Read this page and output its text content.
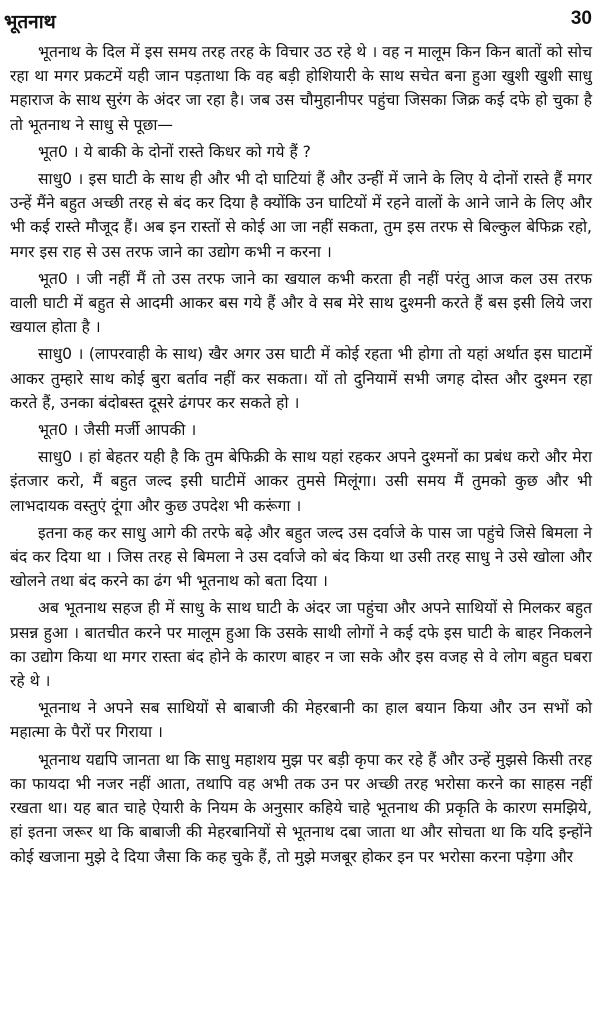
भूतनाथ	30

भूतनाथ के दिल में इस समय तरह तरह के विचार उठ रहे थे । वह न मालूम किन किन बातों को सोच रहा था मगर प्रकटमें यही जान पड़ताथा कि वह बड़ी होशियारी के साथ सचेत बना हुआ खुशी खुशी साधु महाराज के साथ सुरंग के अंदर जा रहा है। जब उस चौमुहानीपर पहुंचा जिसका जिक्र कई दफे हो चुका है तो भूतनाथ ने साधु से पूछा—

भूत0 । ये बाकी के दोनों रास्ते किधर को गये हैं ?

साधु0 । इस घाटी के साथ ही और भी दो घाटियां हैं और उन्हीं में जाने के लिए ये दोनों रास्ते हैं मगर उन्हें मैंने बहुत अच्छी तरह से बंद कर दिया है क्योंकि उन घाटियों में रहने वालों के आने जाने के लिए और भी कई रास्ते मौजूद हैं। अब इन रास्तों से कोई आ जा नहीं सकता, तुम इस तरफ से बिल्कुल बेफिक्र रहो, मगर इस राह से उस तरफ जाने का उद्योग कभी न करना ।

भूत0 । जी नहीं मैं तो उस तरफ जाने का खयाल कभी करता ही नहीं परंतु आज कल उस तरफ वाली घाटी में बहुत से आदमी आकर बस गये हैं और वे सब मेरे साथ दुश्मनी करते हैं बस इसी लिये जरा खयाल होता है ।

साधु0 । (लापरवाही के साथ) खैर अगर उस घाटी में कोई रहता भी होगा तो यहां अर्थात इस घाटामें आकर तुम्हारे साथ कोई बुरा बर्ताव नहीं कर सकता। यों तो दुनियामें सभी जगह दोस्त और दुश्मन रहा करते हैं, उनका बंदोबस्त दूसरे ढंगपर कर सकते हो ।

भूत0 । जैसी मर्जी आपकी ।

साधु0 । हां बेहतर यही है कि तुम बेफिक्री के साथ यहां रहकर अपने दुश्मनों का प्रबंध करो और मेरा इंतजार करो, मैं बहुत जल्द इसी घाटीमें आकर तुमसे मिलूंगा। उसी समय मैं तुमको कुछ और भी लाभदायक वस्तुएं दूंगा और कुछ उपदेश भी करूंगा ।

इतना कह कर साधु आगे की तरफे बढ़े और बहुत जल्द उस दर्वाजे के पास जा पहुंचे जिसे बिमला ने बंद कर दिया था । जिस तरह से बिमला ने उस दर्वाजे को बंद किया था उसी तरह साधु ने उसे खोला और खोलने तथा बंद करने का ढंग भी भूतनाथ को बता दिया ।

अब भूतनाथ सहज ही में साधु के साथ घाटी के अंदर जा पहुंचा और अपने साथियों से मिलकर बहुत प्रसन्न हुआ । बातचीत करने पर मालूम हुआ कि उसके साथी लोगों ने कई दफे इस घाटी के बाहर निकलने का उद्योग किया था मगर रास्ता बंद होने के कारण बाहर न जा सके और इस वजह से वे लोग बहुत घबरा रहे थे ।

भूतनाथ ने अपने सब साथियों से बाबाजी की मेहरबानी का हाल बयान किया और उन सभों को महात्मा के पैरों पर गिराया ।

भूतनाथ यद्यपि जानता था कि साधु महाशय मुझ पर बड़ी कृपा कर रहे हैं और उन्हें मुझसे किसी तरह का फायदा भी नजर नहीं आता, तथापि वह अभी तक उन पर अच्छी तरह भरोसा करने का साहस नहीं रखता था। यह बात चाहे ऐयारी के नियम के अनुसार कहिये चाहे भूतनाथ की प्रकृति के कारण समझिये, हां इतना जरूर था कि बाबाजी की मेहरबानियों से भूतनाथ दबा जाता था और सोचता था कि यदि इन्होंने कोई खजाना मुझे दे दिया जैसा कि कह चुके हैं, तो मुझे मजबूर होकर इन पर भरोसा करना पड़ेगा और
